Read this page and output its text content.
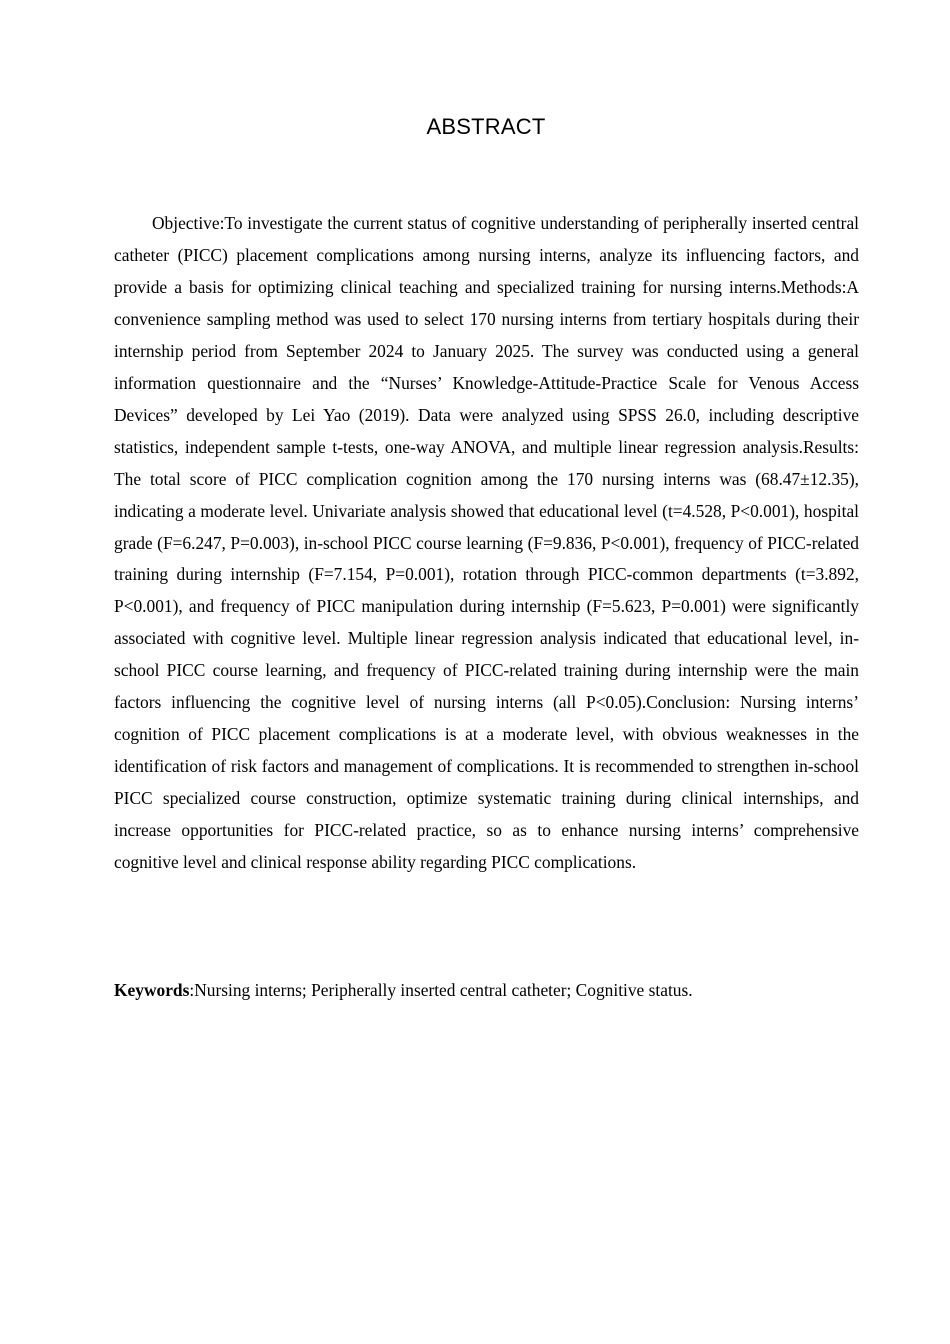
ABSTRACT

Objective:To investigate the current status of cognitive understanding of peripherally inserted central catheter (PICC) placement complications among nursing interns, analyze its influencing factors, and provide a basis for optimizing clinical teaching and specialized training for nursing interns.Methods:A convenience sampling method was used to select 170 nursing interns from tertiary hospitals during their internship period from September 2024 to January 2025. The survey was conducted using a general information questionnaire and the “Nurses’ Knowledge-Attitude-Practice Scale for Venous Access Devices” developed by Lei Yao (2019). Data were analyzed using SPSS 26.0, including descriptive statistics, independent sample t-tests, one-way ANOVA, and multiple linear regression analysis.Results: The total score of PICC complication cognition among the 170 nursing interns was (68.47±12.35), indicating a moderate level. Univariate analysis showed that educational level (t=4.528, P<0.001), hospital grade (F=6.247, P=0.003), in-school PICC course learning (F=9.836, P<0.001), frequency of PICC-related training during internship (F=7.154, P=0.001), rotation through PICC-common departments (t=3.892, P<0.001), and frequency of PICC manipulation during internship (F=5.623, P=0.001) were significantly associated with cognitive level. Multiple linear regression analysis indicated that educational level, in-school PICC course learning, and frequency of PICC-related training during internship were the main factors influencing the cognitive level of nursing interns (all P<0.05).Conclusion: Nursing interns’ cognition of PICC placement complications is at a moderate level, with obvious weaknesses in the identification of risk factors and management of complications. It is recommended to strengthen in-school PICC specialized course construction, optimize systematic training during clinical internships, and increase opportunities for PICC-related practice, so as to enhance nursing interns’ comprehensive cognitive level and clinical response ability regarding PICC complications.

Keywords:Nursing interns; Peripherally inserted central catheter; Cognitive status.
